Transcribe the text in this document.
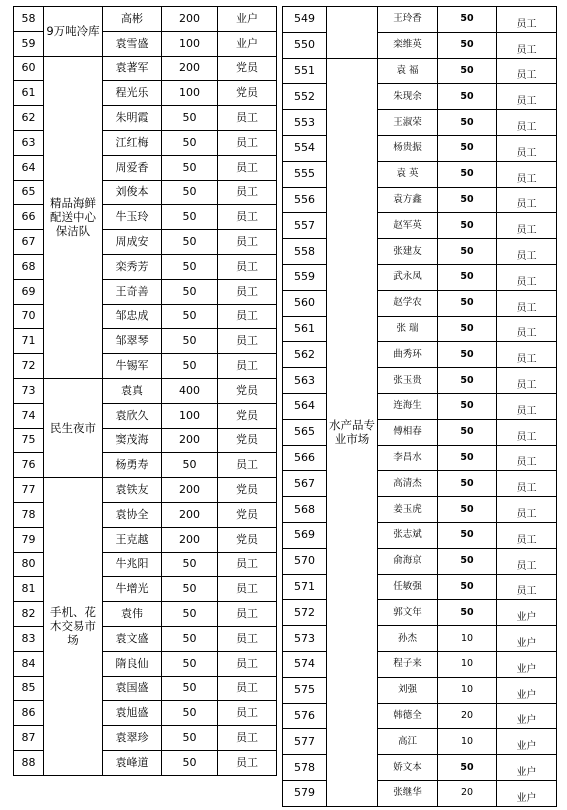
58	9万吨冷库	高彬	200	业户
59		袁雪盛	100	业户
60	精品海鲜配送中心保洁队	袁著军	200	党员
61		程光乐	100	党员
62		朱明霞	50	员工
63		江红梅	50	员工
64		周爱香	50	员工
65		刘俊本	50	员工
66		牛玉玲	50	员工
67		周成安	50	员工
68		栾秀芳	50	员工
69		王奇善	50	员工
70		邹忠成	50	员工
71		邹翠琴	50	员工
72		牛锡军	50	员工
73	民生夜市	袁真	400	党员
74		袁欣久	100	党员
75		窦茂海	200	党员
76		杨勇寿	50	员工
77	手机、花木交易市场	袁铁友	200	党员
78		袁协全	200	党员
79		王克越	200	党员
80		牛兆阳	50	员工
81		牛增光	50	员工
82		袁伟	50	员工
83		袁文盛	50	员工
84		隋良仙	50	员工
85		袁国盛	50	员工
86		袁旭盛	50	员工
87		袁翠珍	50	员工
88		袁峰道	50	员工
549		王玲香	50	员工
550		栾维英	50	员工
551	水产品专业市场	袁 福	50	员工
552		朱现余	50	员工
553		王淑荣	50	员工
554		杨贵振	50	员工
555		袁 英	50	员工
556		袁方鑫	50	员工
557		赵军英	50	员工
558		张建友	50	员工
559		武永凤	50	员工
560		赵学农	50	员工
561		张 瑞	50	员工
562		曲秀环	50	员工
563		张玉贵	50	员工
564		连海生	50	员工
565		傅相春	50	员工
566		李昌水	50	员工
567		高清杰	50	员工
568		姜玉虎	50	员工
569		张志斌	50	员工
570		俞海京	50	员工
571		任敏强	50	员工
572		郭文年	50	业户
573		孙杰	10	业户
574		程子来	10	业户
575		刘强	10	业户
576		韩德全	20	业户
577		高江	10	业户
578		娇文本	50	业户
579		张继华	20	业户
